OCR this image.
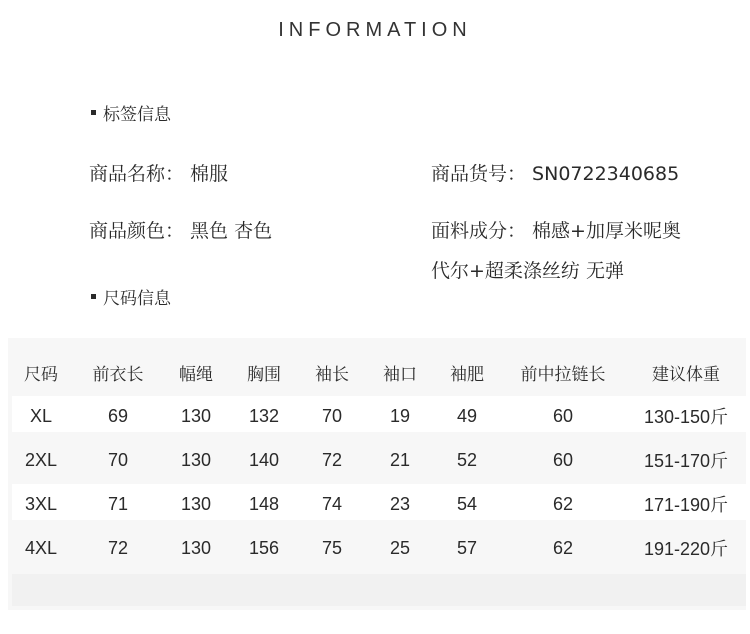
INFORMATION
标签信息
商品名称： 棉服	商品货号： SN0722340685
商品颜色： 黑色 杏色	面料成分： 棉感+加厚米呢奥
代尔+超柔涤丝纺 无弹
尺码信息
尺码	前衣长	幅绳	胸围	袖长	袖口	袖肥	前中拉链长	建议体重
XL	69	130	132	70	19	49	60	130-150斤
2XL	70	130	140	72	21	52	60	151-170斤
3XL	71	130	148	74	23	54	62	171-190斤
4XL	72	130	156	75	25	57	62	191-220斤
